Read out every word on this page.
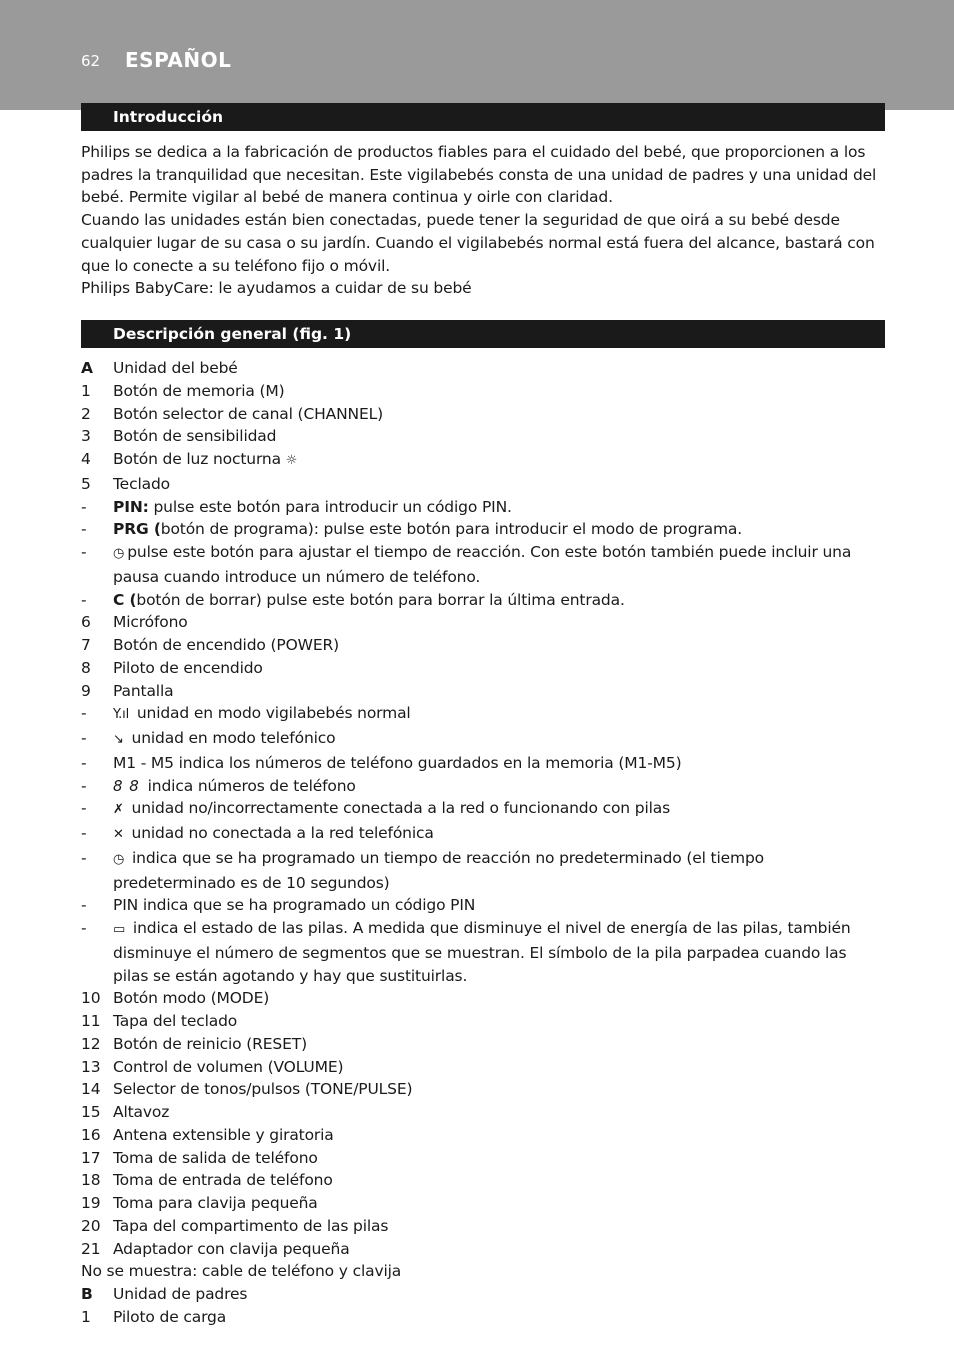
62 ESPAÑOL
Introducción

Philips se dedica a la fabricación de productos fiables para el cuidado del bebé, que proporcionen a los padres la tranquilidad que necesitan. Este vigilabebés consta de una unidad de padres y una unidad del bebé. Permite vigilar al bebé de manera continua y oirle con claridad.

Cuando las unidades están bien conectadas, puede tener la seguridad de que oirá a su bebé desde cualquier lugar de su casa o su jardín. Cuando el vigilabebés normal está fuera del alcance, bastará con que lo conecte a su teléfono fijo o móvil.

Philips BabyCare: le ayudamos a cuidar de su bebé

Descripción general (fig. 1)
A	Unidad del bebé
1	Botón de memoria (M)
2	Botón selector de canal (CHANNEL)
3	Botón de sensibilidad
4	Botón de luz nocturna ☼
5	Teclado
-	PIN: pulse este botón para introducir un código PIN.
-	PRG (botón de programa): pulse este botón para introducir el modo de programa.
-	◷ pulse este botón para ajustar el tiempo de reacción. Con este botón también puede incluir una pausa cuando introduce un número de teléfono.
-	C (botón de borrar) pulse este botón para borrar la última entrada.
6	Micrófono
7	Botón de encendido (POWER)
8	Piloto de encendido
9	Pantalla
-	Y.ıl unidad en modo vigilabebés normal
-	↘ unidad en modo telefónico
-	M1 - M5 indica los números de teléfono guardados en la memoria (M1-M5)
-	8 8 indica números de teléfono
-	✗ unidad no/incorrectamente conectada a la red o funcionando con pilas
-	✕ unidad no conectada a la red telefónica
-	◷ indica que se ha programado un tiempo de reacción no predeterminado (el tiempo predeterminado es de 10 segundos)
-	PIN indica que se ha programado un código PIN
-	▭ indica el estado de las pilas. A medida que disminuye el nivel de energía de las pilas, también disminuye el número de segmentos que se muestran. El símbolo de la pila parpadea cuando las pilas se están agotando y hay que sustituirlas.
10 Botón modo (MODE)
11 Tapa del teclado
12 Botón de reinicio (RESET)
13 Control de volumen (VOLUME)
14 Selector de tonos/pulsos (TONE/PULSE)
15 Altavoz
16 Antena extensible y giratoria
17 Toma de salida de teléfono
18 Toma de entrada de teléfono
19 Toma para clavija pequeña
20 Tapa del compartimento de las pilas
21 Adaptador con clavija pequeña
No se muestra: cable de teléfono y clavija
B	Unidad de padres
1	Piloto de carga
